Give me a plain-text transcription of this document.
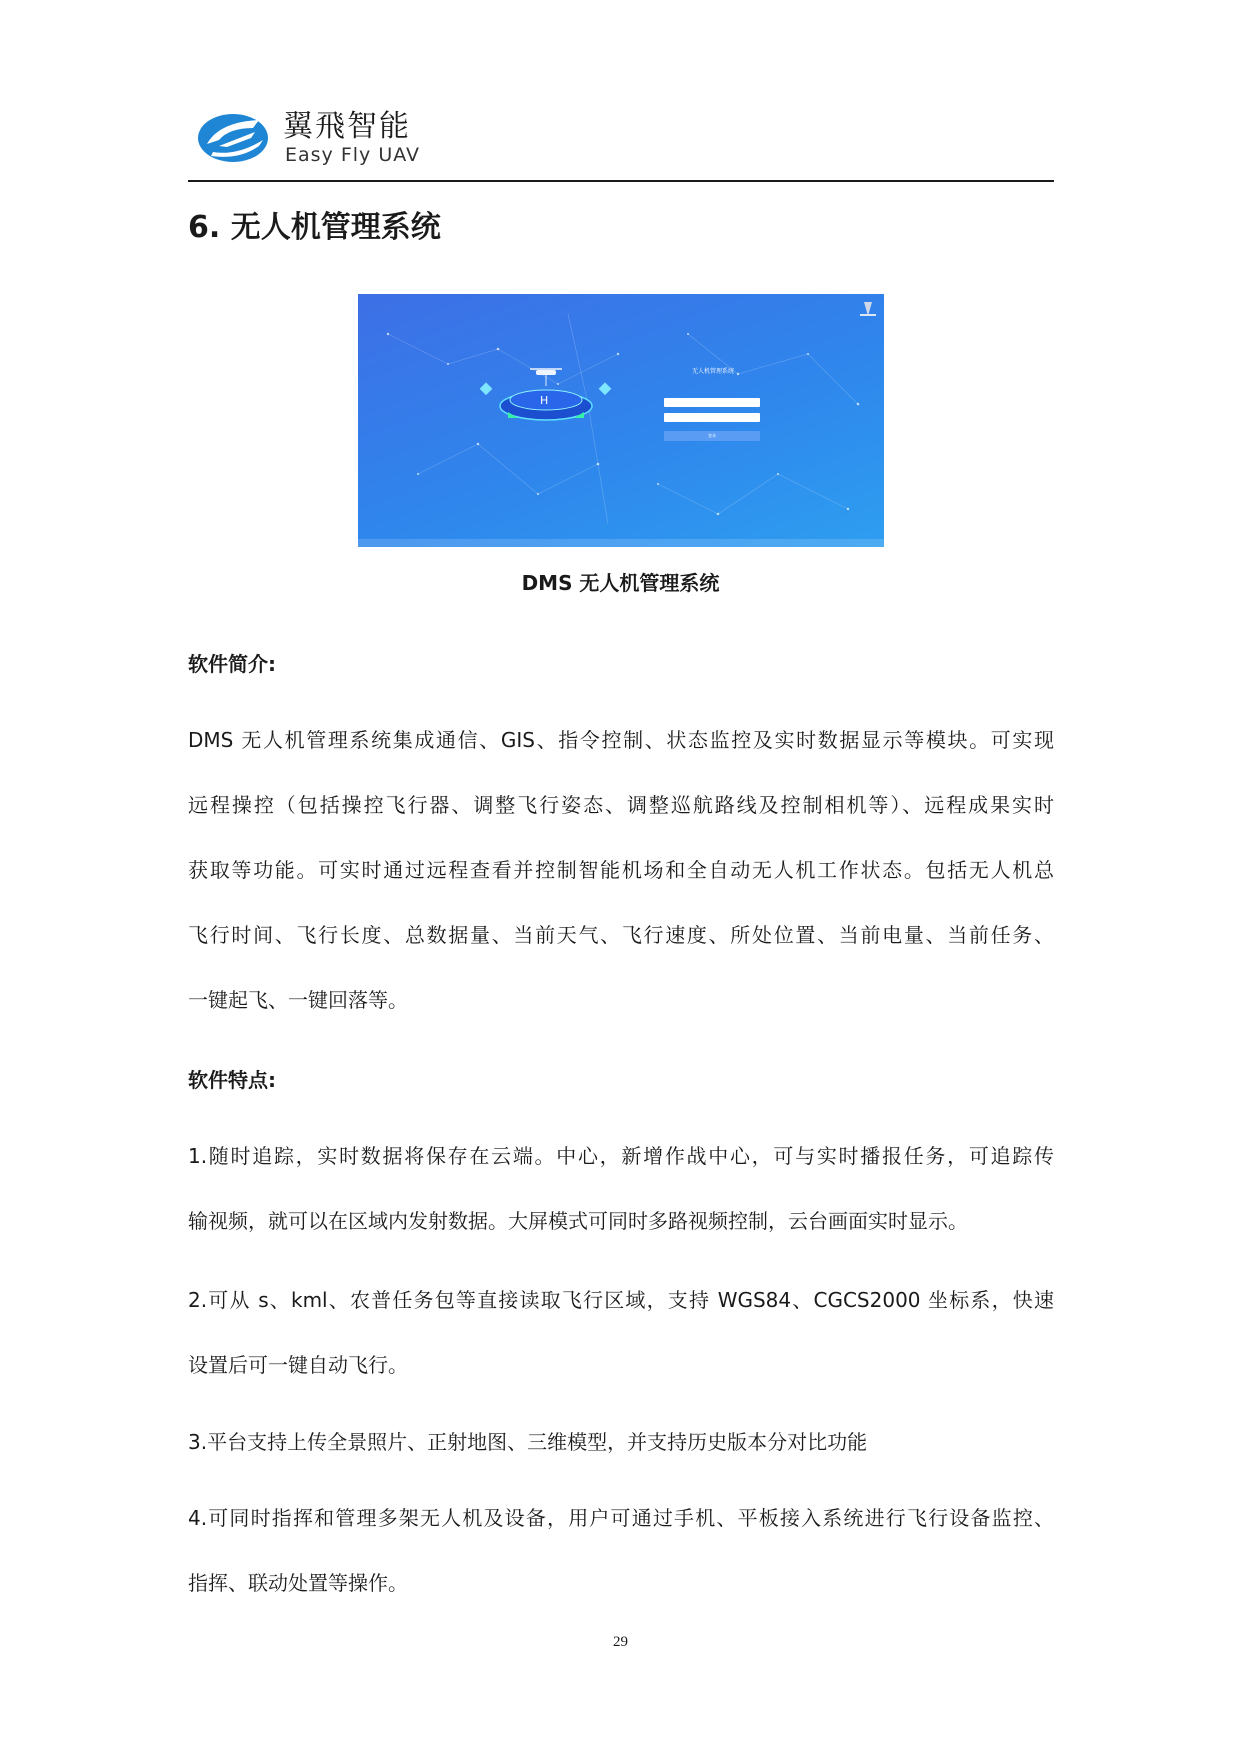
翼飛智能
Easy Fly UAV
6. 无人机管理系统
H
无人机管理系统
登录
DMS 无人机管理系统
软件简介:
DMS 无人机管理系统集成通信、GIS、指令控制、状态监控及实时数据显示等模块。可实现
远程操控（包括操控飞行器、调整飞行姿态、调整巡航路线及控制相机等）、远程成果实时
获取等功能。可实时通过远程查看并控制智能机场和全自动无人机工作状态。包括无人机总
飞行时间、飞行长度、总数据量、当前天气、飞行速度、所处位置、当前电量、当前任务、
一键起飞、一键回落等。
软件特点:
1.随时追踪，实时数据将保存在云端。中心，新增作战中心，可与实时播报任务，可追踪传
输视频，就可以在区域内发射数据。大屏模式可同时多路视频控制，云台画面实时显示。
2.可从 s、kml、农普任务包等直接读取飞行区域，支持 WGS84、CGCS2000 坐标系，快速
设置后可一键自动飞行。
3.平台支持上传全景照片、正射地图、三维模型，并支持历史版本分对比功能
4.可同时指挥和管理多架无人机及设备，用户可通过手机、平板接入系统进行飞行设备监控、
指挥、联动处置等操作。
29
